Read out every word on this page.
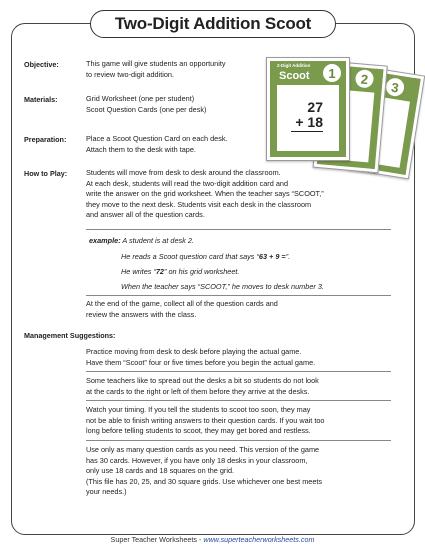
Two-Digit Addition Scoot
3
2
2-Digit Addition
Scoot	1
27
+ 18
Objective:	This game will give students an opportunity
to review two-digit addition.
Materials:	Grid Worksheet (one per student)
Scoot Question Cards (one per desk)
Preparation:	Place a Scoot Question Card on each desk.
Attach them to the desk with tape.
How to Play:	Students will move from desk to desk around the classroom.
At each desk, students will read the two-digit addition card and
write the answer on the grid worksheet. When the teacher says “SCOOT,”
they move to the next desk. Students visit each desk in the classroom
and answer all of the question cards.
example: A student is at desk 2.
He reads a Scoot question card that says “63 + 9 =”.
He writes “72” on his grid worksheet.
When the teacher says “SCOOT,” he moves to desk number 3.
At the end of the game, collect all of the question cards and
review the answers with the class.
Management Suggestions:
Practice moving from desk to desk before playing the actual game.
Have them “Scoot” four or five times before you begin the actual game.
Some teachers like to spread out the desks a bit so students do not look
at the cards to the right or left of them before they arrive at the desks.
Watch your timing. If you tell the students to scoot too soon, they may
not be able to finish writing answers to their question cards. If you wait too
long before telling students to scoot, they may get bored and restless.
Use only as many question cards as you need. This version of the game
has 30 cards. However, if you have only 18 desks in your classroom,
only use 18 cards and 18 squares on the grid.
(This file has 20, 25, and 30 square grids. Use whichever one best meets
your needs.)
Super Teacher Worksheets - www.superteacherworksheets.com
